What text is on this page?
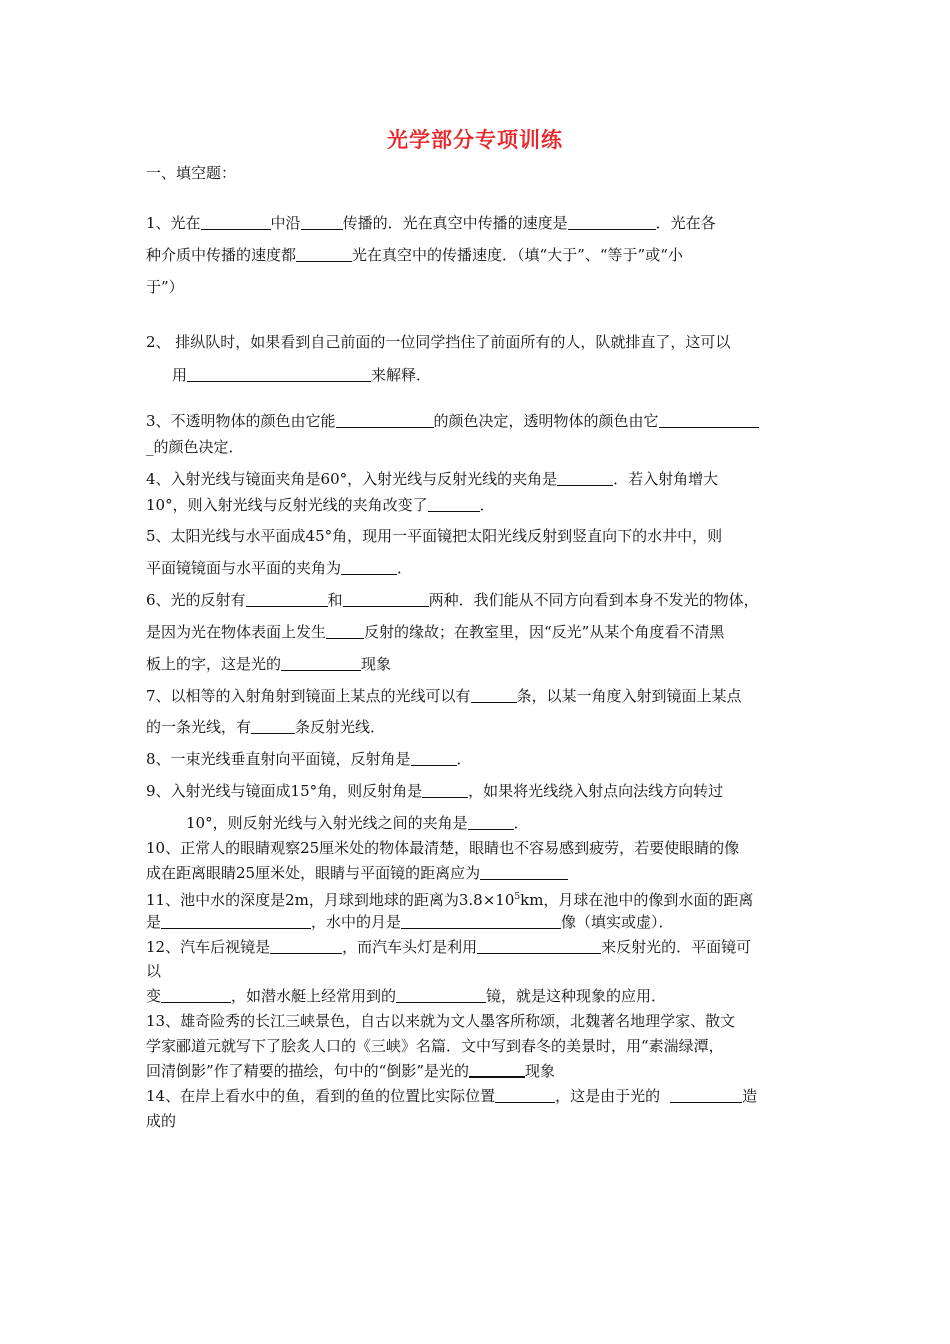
光学部分专项训练
一、填空题：
1、光在	中沿	传播的．光在真空中传播的速度是	．光在各
种介质中传播的速度都	光在真空中的传播速度．（填“大于”、“等于”或“小
于”）
2、 排纵队时，如果看到自己前面的一位同学挡住了前面所有的人，队就排直了，这可以
用	来解释．
3、不透明物体的颜色由它能	的颜色决定，透明物体的颜色由它
_的颜色决定．
4、入射光线与镜面夹角是60°，入射光线与反射光线的夹角是	．若入射角增大
10°，则入射光线与反射光线的夹角改变了	．
5、太阳光线与水平面成45°角，现用一平面镜把太阳光线反射到竖直向下的水井中，则
平面镜镜面与水平面的夹角为	．
6、光的反射有	和	两种．我们能从不同方向看到本身不发光的物体，
是因为光在物体表面上发生	反射的缘故；在教室里，因“反光”从某个角度看不清黑
板上的字，这是光的	现象
7、以相等的入射角射到镜面上某点的光线可以有	条，以某一角度入射到镜面上某点
的一条光线，有	条反射光线．
8、一束光线垂直射向平面镜，反射角是	．
9、入射光线与镜面成15°角，则反射角是	，如果将光线绕入射点向法线方向转过
10°，则反射光线与入射光线之间的夹角是	．
10、正常人的眼睛观察25厘米处的物体最清楚，眼睛也不容易感到疲劳，若要使眼睛的像
成在距离眼睛25厘米处，眼睛与平面镜的距离应为
11、池中水的深度是2m，月球到地球的距离为$3.8\times 10^5km$，月球在池中的像到水面的距离
是	，水中的月是	像（填实或虚）．
12、汽车后视镜是	，而汽车头灯是利用	来反射光的．平面镜可
以
变	，如潜水艇上经常用到的	镜，就是这种现象的应用．
13、雄奇险秀的长江三峡景色，自古以来就为文人墨客所称颂，北魏著名地理学家、散文
学家郦道元就写下了脍炙人口的《三峡》名篇．文中写到春冬的美景时，用“素湍绿潭，
回清倒影”作了精要的描绘，句中的“倒影”是光的	现象
14、在岸上看水中的鱼，看到的鱼的位置比实际位置	，这是由于光的	造
成的
